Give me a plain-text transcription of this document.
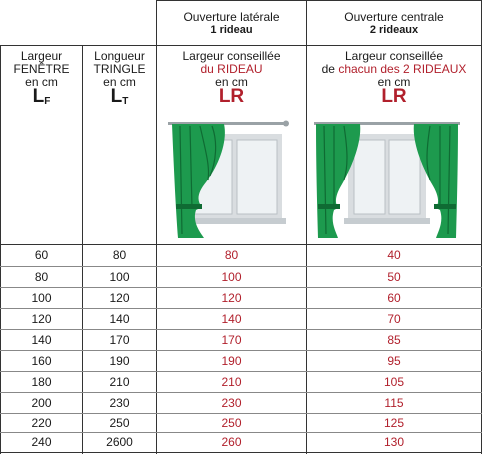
Ouverture latérale
1 rideau
Ouverture centrale
2 rideaux
Largeur
FENÊTRE
en cm
$L_F$
Longueur
TRINGLE
en cm
$L_T$
Largeur conseillée
du RIDEAU
en cm
LR
Largeur conseillée
de chacun des 2 RIDEAUX
en cm
LR
60	80	80	40
80	100	100	50
100	120	120	60
120	140	140	70
140	170	170	85
160	190	190	95
180	210	210	105
200	230	230	115
220	250	250	125
240	2600	260	130
